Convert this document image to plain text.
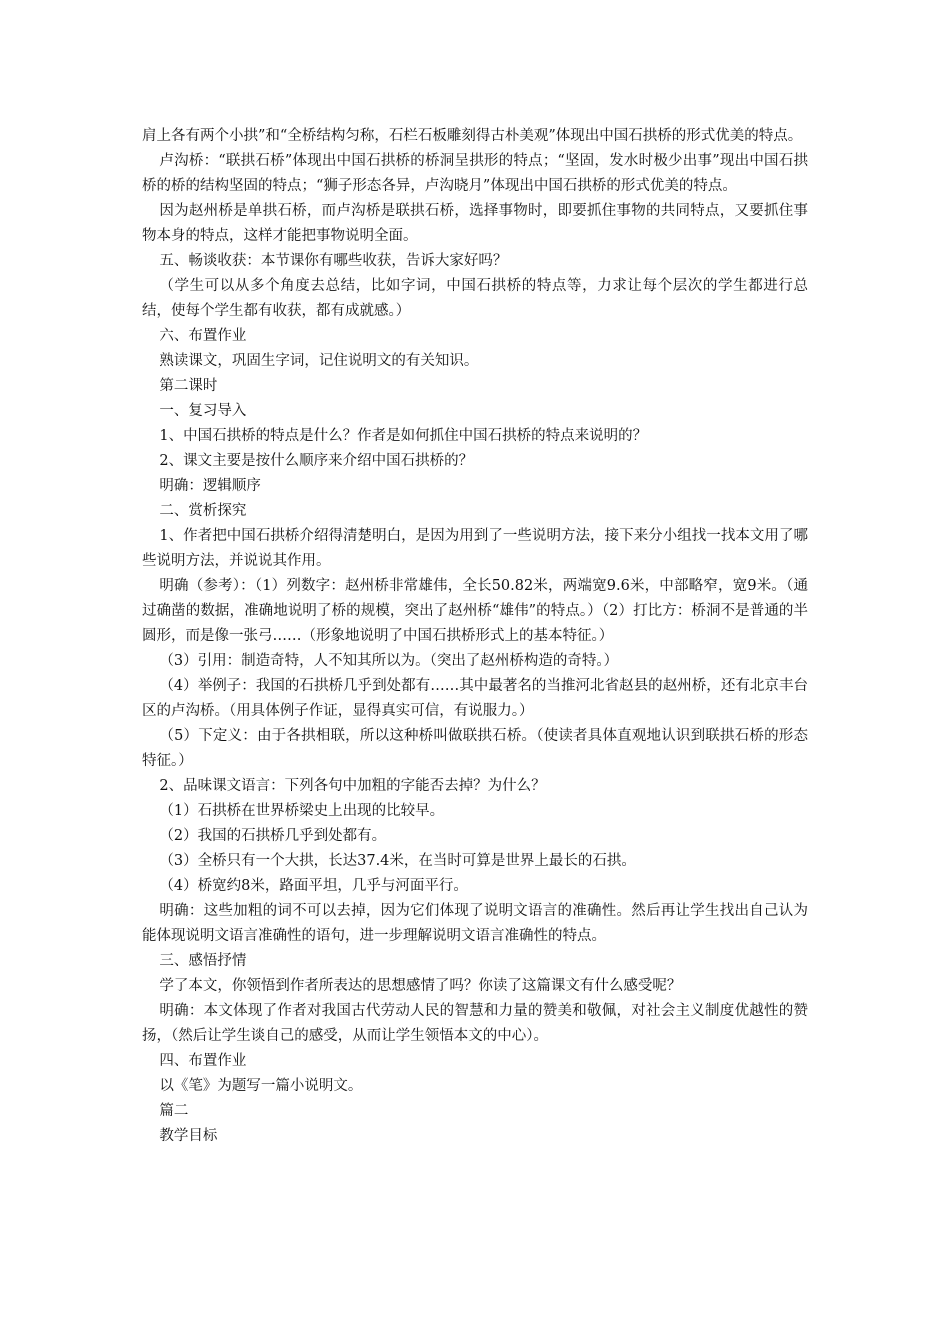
肩上各有两个小拱”和“全桥结构匀称，石栏石板雕刻得古朴美观”体现出中国石拱桥的形式优美的特点。

卢沟桥：“联拱石桥”体现出中国石拱桥的桥洞呈拱形的特点；“坚固，发水时极少出事”现出中国石拱桥的桥的结构坚固的特点；“狮子形态各异，卢沟晓月”体现出中国石拱桥的形式优美的特点。

因为赵州桥是单拱石桥，而卢沟桥是联拱石桥，选择事物时，即要抓住事物的共同特点，又要抓住事物本身的特点，这样才能把事物说明全面。

五、畅谈收获：本节课你有哪些收获，告诉大家好吗？

（学生可以从多个角度去总结，比如字词，中国石拱桥的特点等，力求让每个层次的学生都进行总结，使每个学生都有收获，都有成就感。）

六、布置作业

熟读课文，巩固生字词，记住说明文的有关知识。

第二课时

一、复习导入

1、中国石拱桥的特点是什么？作者是如何抓住中国石拱桥的特点来说明的？

2、课文主要是按什么顺序来介绍中国石拱桥的？

明确：逻辑顺序

二、赏析探究

1、作者把中国石拱桥介绍得清楚明白，是因为用到了一些说明方法，接下来分小组找一找本文用了哪些说明方法，并说说其作用。

明确（参考）：（1）列数字：赵州桥非常雄伟，全长50.82米，两端宽9.6米，中部略窄，宽9米。（通过确凿的数据，准确地说明了桥的规模，突出了赵州桥“雄伟”的特点。）（2）打比方：桥洞不是普通的半圆形，而是像一张弓……（形象地说明了中国石拱桥形式上的基本特征。）

（3）引用：制造奇特，人不知其所以为。（突出了赵州桥构造的奇特。）

（4）举例子：我国的石拱桥几乎到处都有……其中最著名的当推河北省赵县的赵州桥，还有北京丰台区的卢沟桥。（用具体例子作证，显得真实可信，有说服力。）

（5）下定义：由于各拱相联，所以这种桥叫做联拱石桥。（使读者具体直观地认识到联拱石桥的形态特征。）

2、品味课文语言：下列各句中加粗的字能否去掉？为什么？

（1）石拱桥在世界桥梁史上出现的比较早。

（2）我国的石拱桥几乎到处都有。

（3）全桥只有一个大拱，长达37.4米，在当时可算是世界上最长的石拱。

（4）桥宽约8米，路面平坦，几乎与河面平行。

明确：这些加粗的词不可以去掉，因为它们体现了说明文语言的准确性。然后再让学生找出自己认为能体现说明文语言准确性的语句，进一步理解说明文语言准确性的特点。

三、感悟抒情

学了本文，你领悟到作者所表达的思想感情了吗？你读了这篇课文有什么感受呢？

明确：本文体现了作者对我国古代劳动人民的智慧和力量的赞美和敬佩，对社会主义制度优越性的赞扬，（然后让学生谈自己的感受，从而让学生领悟本文的中心）。

四、布置作业

以《笔》为题写一篇小说明文。

篇二

教学目标
